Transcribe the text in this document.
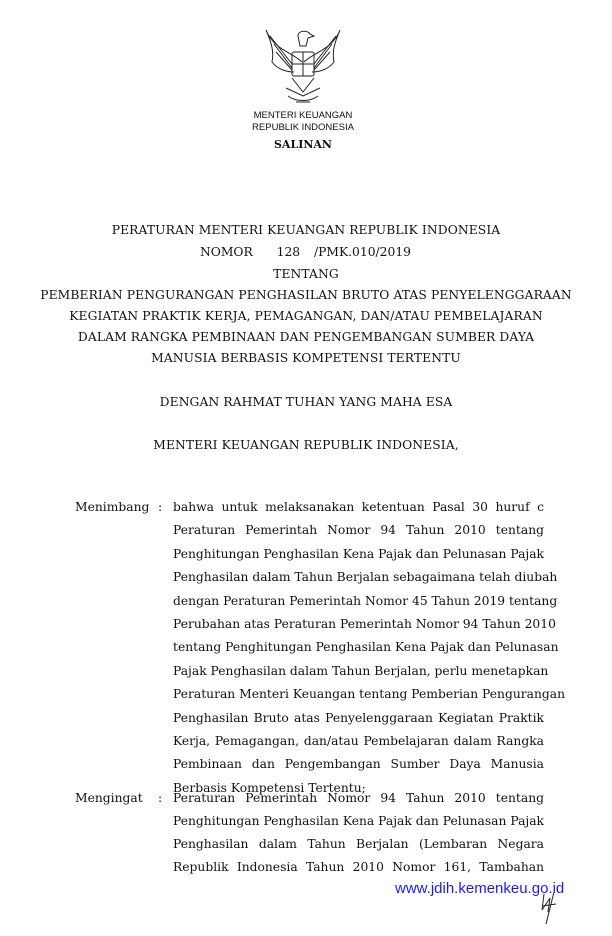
MENTERI KEUANGAN
REPUBLIK INDONESIA
SALINAN
PERATURAN MENTERI KEUANGAN REPUBLIK INDONESIA
NOMOR 128 /PMK.010/2019
TENTANG
PEMBERIAN PENGURANGAN PENGHASILAN BRUTO ATAS PENYELENGGARAAN
KEGIATAN PRAKTIK KERJA, PEMAGANGAN, DAN/ATAU PEMBELAJARAN
DALAM RANGKA PEMBINAAN DAN PENGEMBANGAN SUMBER DAYA
MANUSIA BERBASIS KOMPETENSI TERTENTU
DENGAN RAHMAT TUHAN YANG MAHA ESA
MENTERI KEUANGAN REPUBLIK INDONESIA,
Menimbang : bahwa untuk melaksanakan ketentuan Pasal 30 huruf c
Peraturan Pemerintah Nomor 94 Tahun 2010 tentang
Penghitungan Penghasilan Kena Pajak dan Pelunasan Pajak
Penghasilan dalam Tahun Berjalan sebagaimana telah diubah
dengan Peraturan Pemerintah Nomor 45 Tahun 2019 tentang
Perubahan atas Peraturan Pemerintah Nomor 94 Tahun 2010
tentang Penghitungan Penghasilan Kena Pajak dan Pelunasan
Pajak Penghasilan dalam Tahun Berjalan, perlu menetapkan
Peraturan Menteri Keuangan tentang Pemberian Pengurangan
Penghasilan Bruto atas Penyelenggaraan Kegiatan Praktik
Kerja, Pemagangan, dan/atau Pembelajaran dalam Rangka
Pembinaan dan Pengembangan Sumber Daya Manusia
Berbasis Kompetensi Tertentu;
Mengingat : Peraturan Pemerintah Nomor 94 Tahun 2010 tentang
Penghitungan Penghasilan Kena Pajak dan Pelunasan Pajak
Penghasilan dalam Tahun Berjalan (Lembaran Negara
Republik Indonesia Tahun 2010 Nomor 161, Tambahan
www.jdih.kemenkeu.go.id
